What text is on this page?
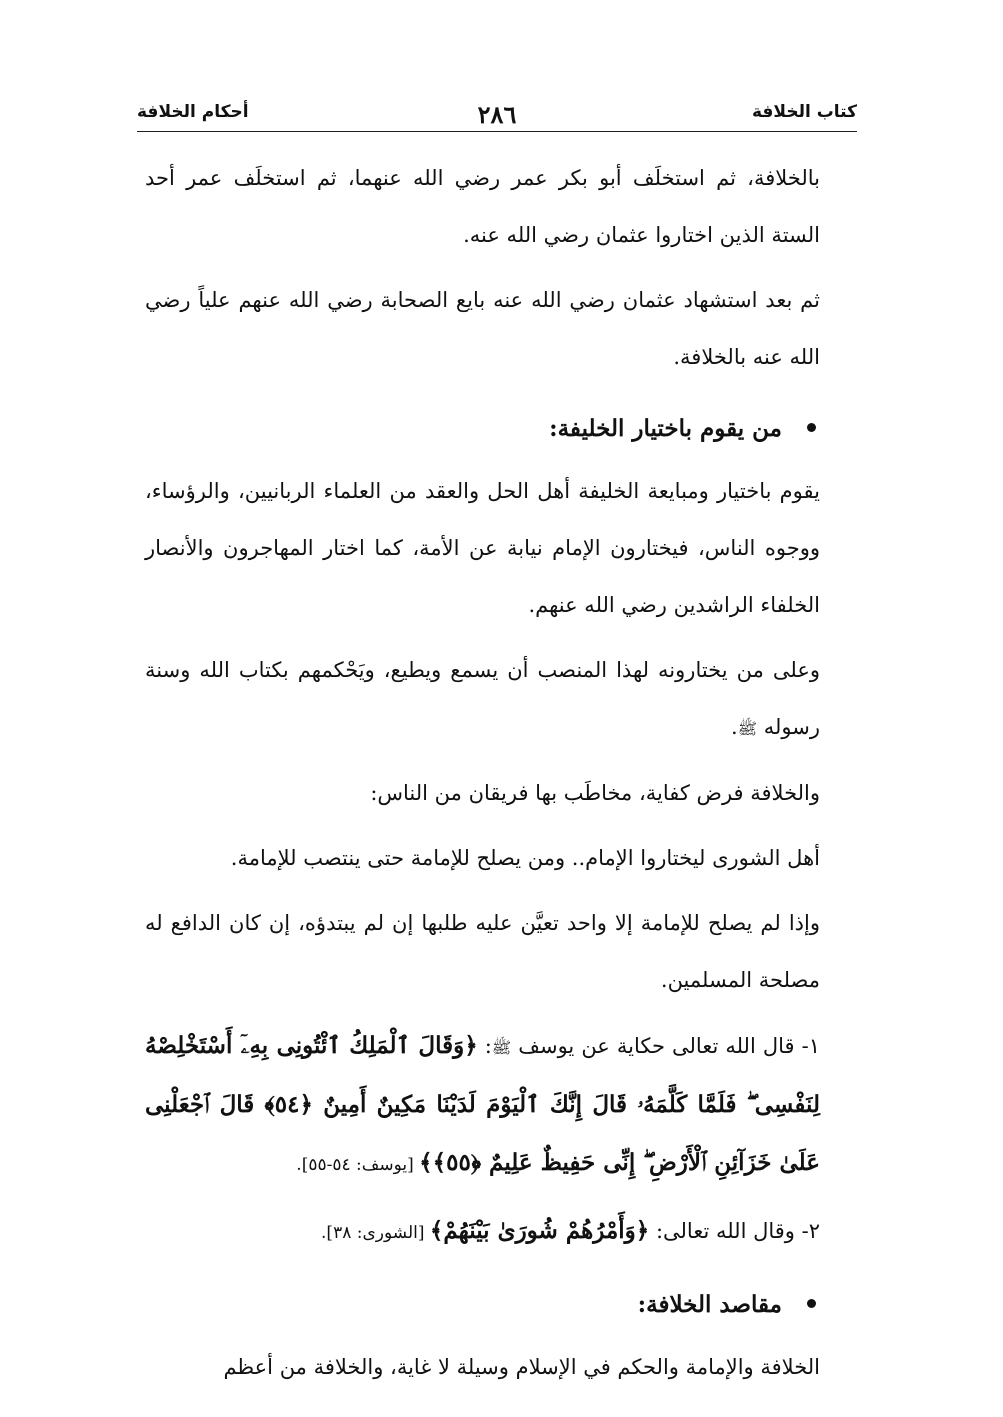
كتاب الخلافة
٢٨٦
أحكام الخلافة

بالخلافة، ثم استخلَف أبو بكر عمر رضي الله عنهما، ثم استخلَف عمر أحد الستة الذين اختاروا عثمان رضي الله عنه.

ثم بعد استشهاد عثمان رضي الله عنه بايع الصحابة رضي الله عنهم علياً رضي الله عنه بالخلافة.

من يقوم باختيار الخليفة:

يقوم باختيار ومبايعة الخليفة أهل الحل والعقد من العلماء الربانيين، والرؤساء، ووجوه الناس، فيختارون الإمام نيابة عن الأمة، كما اختار المهاجرون والأنصار الخلفاء الراشدين رضي الله عنهم.

وعلى من يختارونه لهذا المنصب أن يسمع ويطيع، ويَحْكمهم بكتاب الله وسنة رسوله ﷺ.

والخلافة فرض كفاية، مخاطَب بها فريقان من الناس:

أهل الشورى ليختاروا الإمام.. ومن يصلح للإمامة حتى ينتصب للإمامة.

وإذا لم يصلح للإمامة إلا واحد تعيَّن عليه طلبها إن لم يبتدؤه، إن كان الدافع له مصلحة المسلمين.

١- قال الله تعالى حكاية عن يوسف ﷺ: ﴿وَقَالَ ٱلْمَلِكُ ٱئْتُونِى بِهِۦٓ أَسْتَخْلِصْهُ لِنَفْسِى ۖ فَلَمَّا كَلَّمَهُۥ قَالَ إِنَّكَ ٱلْيَوْمَ لَدَيْنَا مَكِينٌ أَمِينٌ ﴿٥٤﴾ قَالَ ٱجْعَلْنِى عَلَىٰ خَزَآئِنِ ٱلْأَرْضِ ۖ إِنِّى حَفِيظٌ عَلِيمٌ ﴿٥٥﴾﴾ [يوسف: ٥٤-٥٥].

٢- وقال الله تعالى: ﴿وَأَمْرُهُمْ شُورَىٰ بَيْنَهُمْ﴾ [الشورى: ٣٨].

مقاصد الخلافة:

الخلافة والإمامة والحكم في الإسلام وسيلة لا غاية، والخلافة من أعظم
